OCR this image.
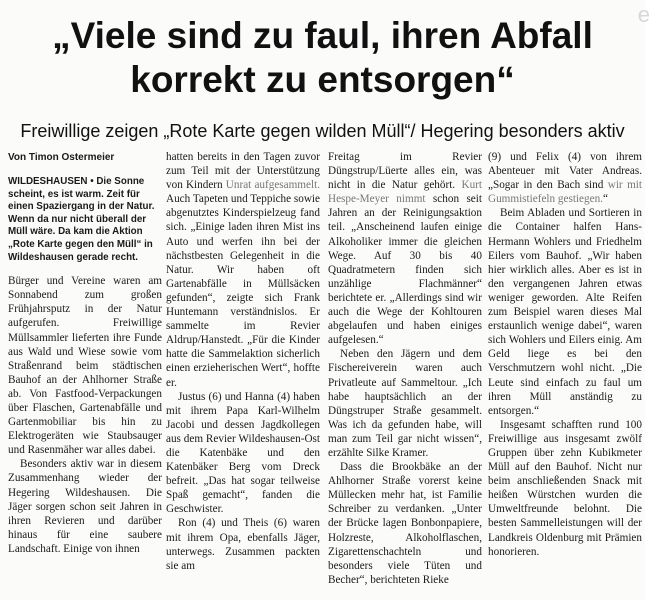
e
„Viele sind zu faul, ihren Abfall korrekt zu entsorgen“
Freiwillige zeigen „Rote Karte gegen wilden Müll“/ Hegering besonders aktiv
Von Timon Ostermeier
WILDESHAUSEN • Die Sonne scheint, es ist warm. Zeit für einen Spaziergang in der Natur. Wenn da nur nicht überall der Müll wäre. Da kam die Aktion „Rote Karte gegen den Müll“ in Wildeshausen gerade recht.

Bürger und Vereine waren am Sonnabend zum großen Frühjahrsputz in der Natur aufgerufen. Freiwillige Müllsammler lieferten ihre Funde aus Wald und Wiese sowie vom Straßenrand beim städtischen Bauhof an der Ahlhorner Straße ab. Von Fastfood-Verpackungen über Flaschen, Gartenabfälle und Gartenmobiliar bis hin zu Elektrogeräten wie Staubsauger und Rasenmäher war alles dabei.

Besonders aktiv war in diesem Zusammenhang wieder der Hegering Wildeshausen. Die Jäger sorgen schon seit Jahren in ihren Revieren und darüber hinaus für eine saubere Landschaft. Einige von ihnen

hatten bereits in den Tagen zuvor zum Teil mit der Unterstützung von Kindern Unrat aufgesammelt. Auch Tapeten und Teppiche sowie abgenutztes Kinderspielzeug fand sich. „Einige laden ihren Mist ins Auto und werfen ihn bei der nächstbesten Gelegenheit in die Natur. Wir haben oft Gartenabfälle in Müllsäcken gefunden“, zeigte sich Frank Huntemann verständnislos. Er sammelte im Revier Aldrup/Hanstedt. „Für die Kinder hatte die Sammelaktion sicherlich einen erzieherischen Wert“, hoffte er.

Justus (6) und Hanna (4) haben mit ihrem Papa Karl-Wilhelm Jacobi und dessen Jagdkollegen aus dem Revier Wildeshausen-Ost die Katenbäke und den Katenbäker Berg vom Dreck befreit. „Das hat sogar teilweise Spaß gemacht“, fanden die Geschwister.

Ron (4) und Theis (6) waren mit ihrem Opa, ebenfalls Jäger, unterwegs. Zusammen packten sie am

Freitag im Revier Düngstrup/Lüerte alles ein, was nicht in die Natur gehört. Kurt Hespe-Meyer nimmt schon seit Jahren an der Reinigungsaktion teil. „Anscheinend laufen einige Alkoholiker immer die gleichen Wege. Auf 30 bis 40 Quadratmetern finden sich unzählige Flachmänner“ berichtete er. „Allerdings sind wir auch die Wege der Kohltouren abgelaufen und haben einiges aufgelesen.“

Neben den Jägern und dem Fischereiverein waren auch Privatleute auf Sammeltour. „Ich habe hauptsächlich an der Düngstruper Straße gesammelt. Was ich da gefunden habe, will man zum Teil gar nicht wissen“, erzählte Silke Kramer.

Dass die Brookbäke an der Ahlhorner Straße vorerst keine Müllecken mehr hat, ist Familie Schreiber zu verdanken. „Unter der Brücke lagen Bonbonpapiere, Holzreste, Alkoholflaschen, Zigarettenschachteln und besonders viele Tüten und Becher“, berichteten Rieke

(9) und Felix (4) von ihrem Abenteuer mit Vater Andreas. „Sogar in den Bach sind wir mit Gummistiefeln gestiegen.“

Beim Abladen und Sortieren in die Container halfen Hans-Hermann Wohlers und Friedhelm Eilers vom Bauhof. „Wir haben hier wirklich alles. Aber es ist in den vergangenen Jahren etwas weniger geworden. Alte Reifen zum Beispiel waren dieses Mal erstaunlich wenige dabei“, waren sich Wohlers und Eilers einig. Am Geld liege es bei den Verschmutzern wohl nicht. „Die Leute sind einfach zu faul um ihren Müll anständig zu entsorgen.“

Insgesamt schafften rund 100 Freiwillige aus insgesamt zwölf Gruppen über zehn Kubikmeter Müll auf den Bauhof. Nicht nur beim anschließenden Snack mit heißen Würstchen wurden die Umweltfreunde belohnt. Die besten Sammelleistungen will der Landkreis Oldenburg mit Prämien honorieren.
